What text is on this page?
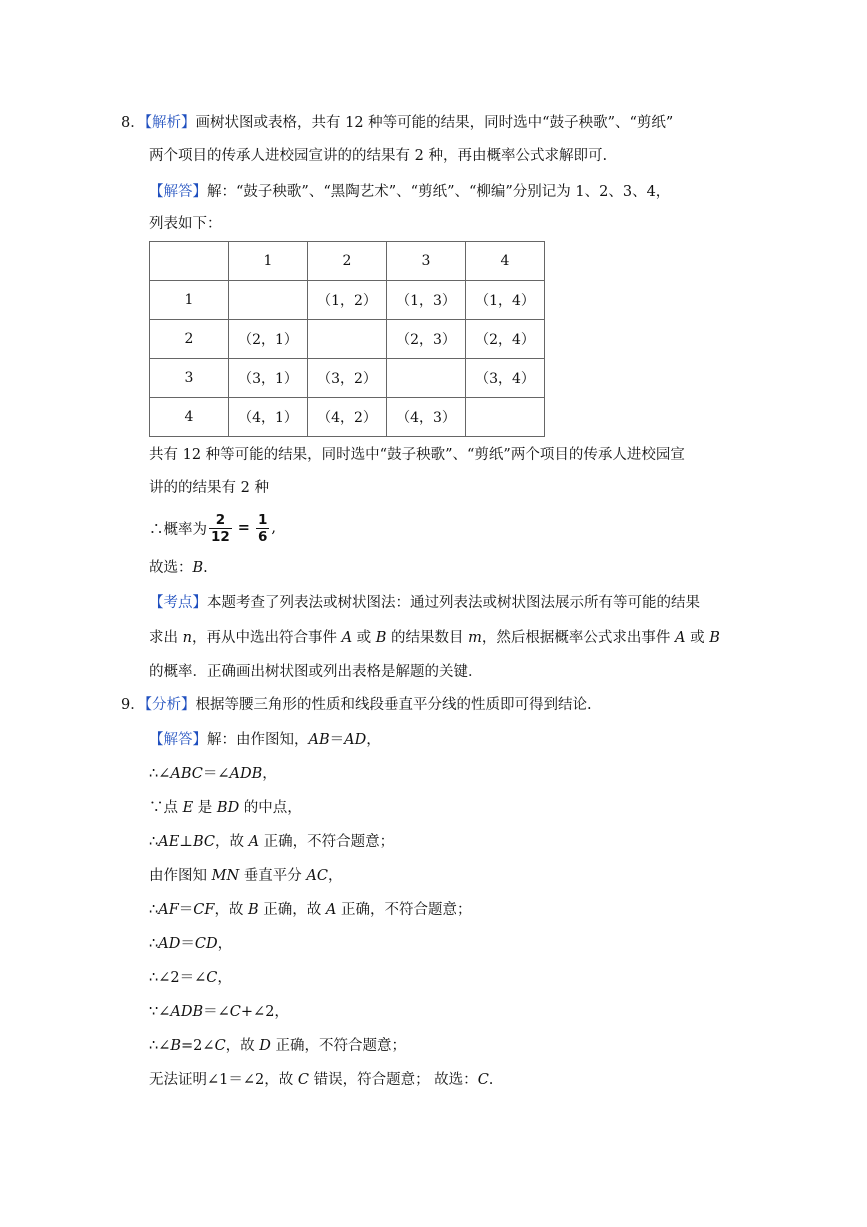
8．【解析】画树状图或表格，共有 12 种等可能的结果，同时选中“鼓子秧歌”、“剪纸”
两个项目的传承人进校园宣讲的的结果有 2 种，再由概率公式求解即可.
【解答】解：“鼓子秧歌”、“黑陶艺术”、“剪纸”、“柳编”分别记为 1、2、3、4，
列表如下：
	1	2	3	4
1		（1，2）	（1，3）	（1，4）
2	（2，1）		（2，3）	（2，4）
3	（3，1）	（3，2）		（3，4）
4	（4，1）	（4，2）	（4，3）	
共有 12 种等可能的结果，同时选中“鼓子秧歌”、“剪纸”两个项目的传承人进校园宣
讲的的结果有 2 种
∴概率为 $\frac{2}{12} = \frac{1}{6}$ ,
故选：B.
【考点】本题考查了列表法或树状图法：通过列表法或树状图法展示所有等可能的结果
求出 n，再从中选出符合事件 A 或 B 的结果数目 m，然后根据概率公式求出事件 A 或 B
的概率．正确画出树状图或列出表格是解题的关键．
9．【分析】根据等腰三角形的性质和线段垂直平分线的性质即可得到结论.
【解答】解：由作图知，AB＝AD，
∴∠ABC＝∠ADB，
∵点 E 是 BD 的中点，
∴AE⊥BC，故 A 正确，不符合题意；
由作图知 MN 垂直平分 AC，
∴AF＝CF，故 B 正确，故 A 正确，不符合题意；
∴AD＝CD，
∴∠2＝∠C，
∵∠ADB＝∠C+∠2，
∴∠B=2∠C，故 D 正确，不符合题意；
无法证明∠1＝∠2，故 C 错误，符合题意； 故选：C.
